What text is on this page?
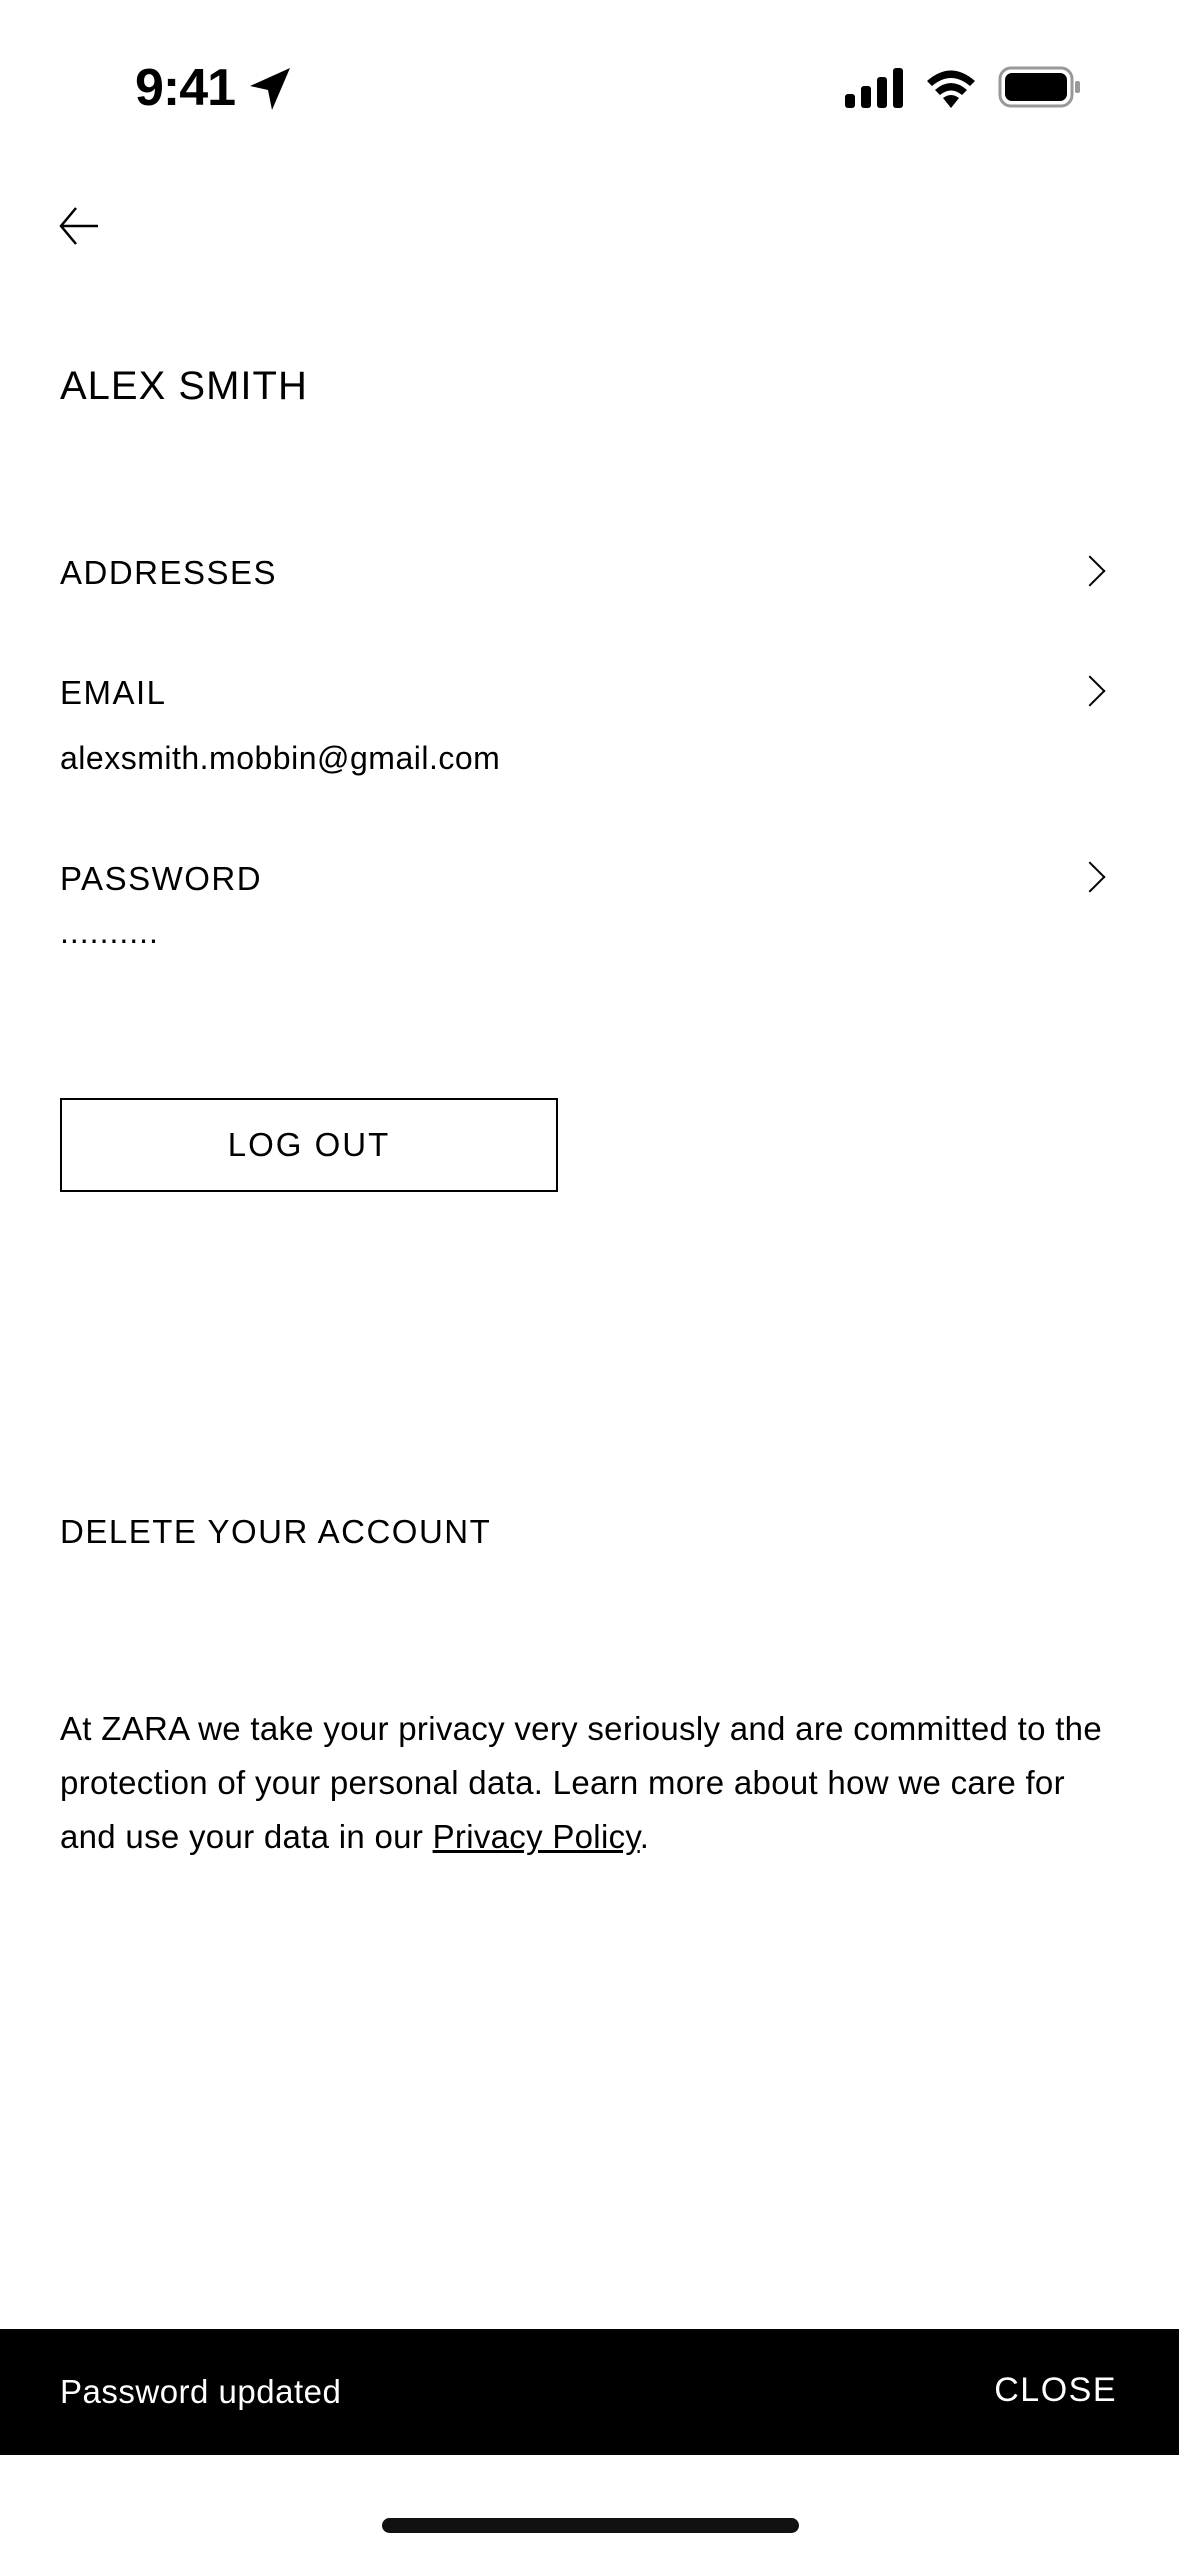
9:41
ALEX SMITH
ADDRESSES
EMAIL
alexsmith.mobbin@gmail.com
PASSWORD
..........
LOG OUT
DELETE YOUR ACCOUNT
At ZARA we take your privacy very seriously and are committed to the protection of your personal data. Learn more about how we care for and use your data in our Privacy Policy.
Password updated	CLOSE
